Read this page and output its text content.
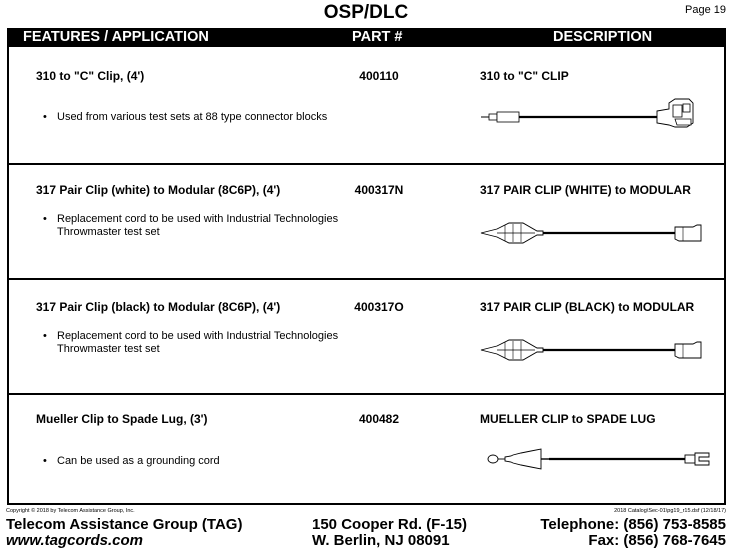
OSP/DLC	Page 19
FEATURES / APPLICATION	PART #	DESCRIPTION
310 to "C" Clip, (4')	400110	310 to "C" CLIP
• Used from various test sets at 88 type connector blocks
317 Pair Clip (white) to Modular (8C6P), (4')	400317N	317 PAIR CLIP (WHITE) to MODULAR
• Replacement cord to be used with Industrial Technologies Throwmaster test set
317 Pair Clip (black) to Modular (8C6P), (4')	400317O	317 PAIR CLIP (BLACK) to MODULAR
• Replacement cord to be used with Industrial Technologies Throwmaster test set
Mueller Clip to Spade Lug, (3')	400482	MUELLER CLIP to SPADE LUG
• Can be used as a grounding cord
Copyright © 2018 by Telecom Assistance Group, Inc.	2018 Catalog\Sec-01\pg19_r15.dsf (12/18/17)
Telecom Assistance Group (TAG)
www.tagcords.com
150 Cooper Rd. (F-15)
W. Berlin, NJ 08091
Telephone: (856) 753-8585
Fax: (856) 768-7645
